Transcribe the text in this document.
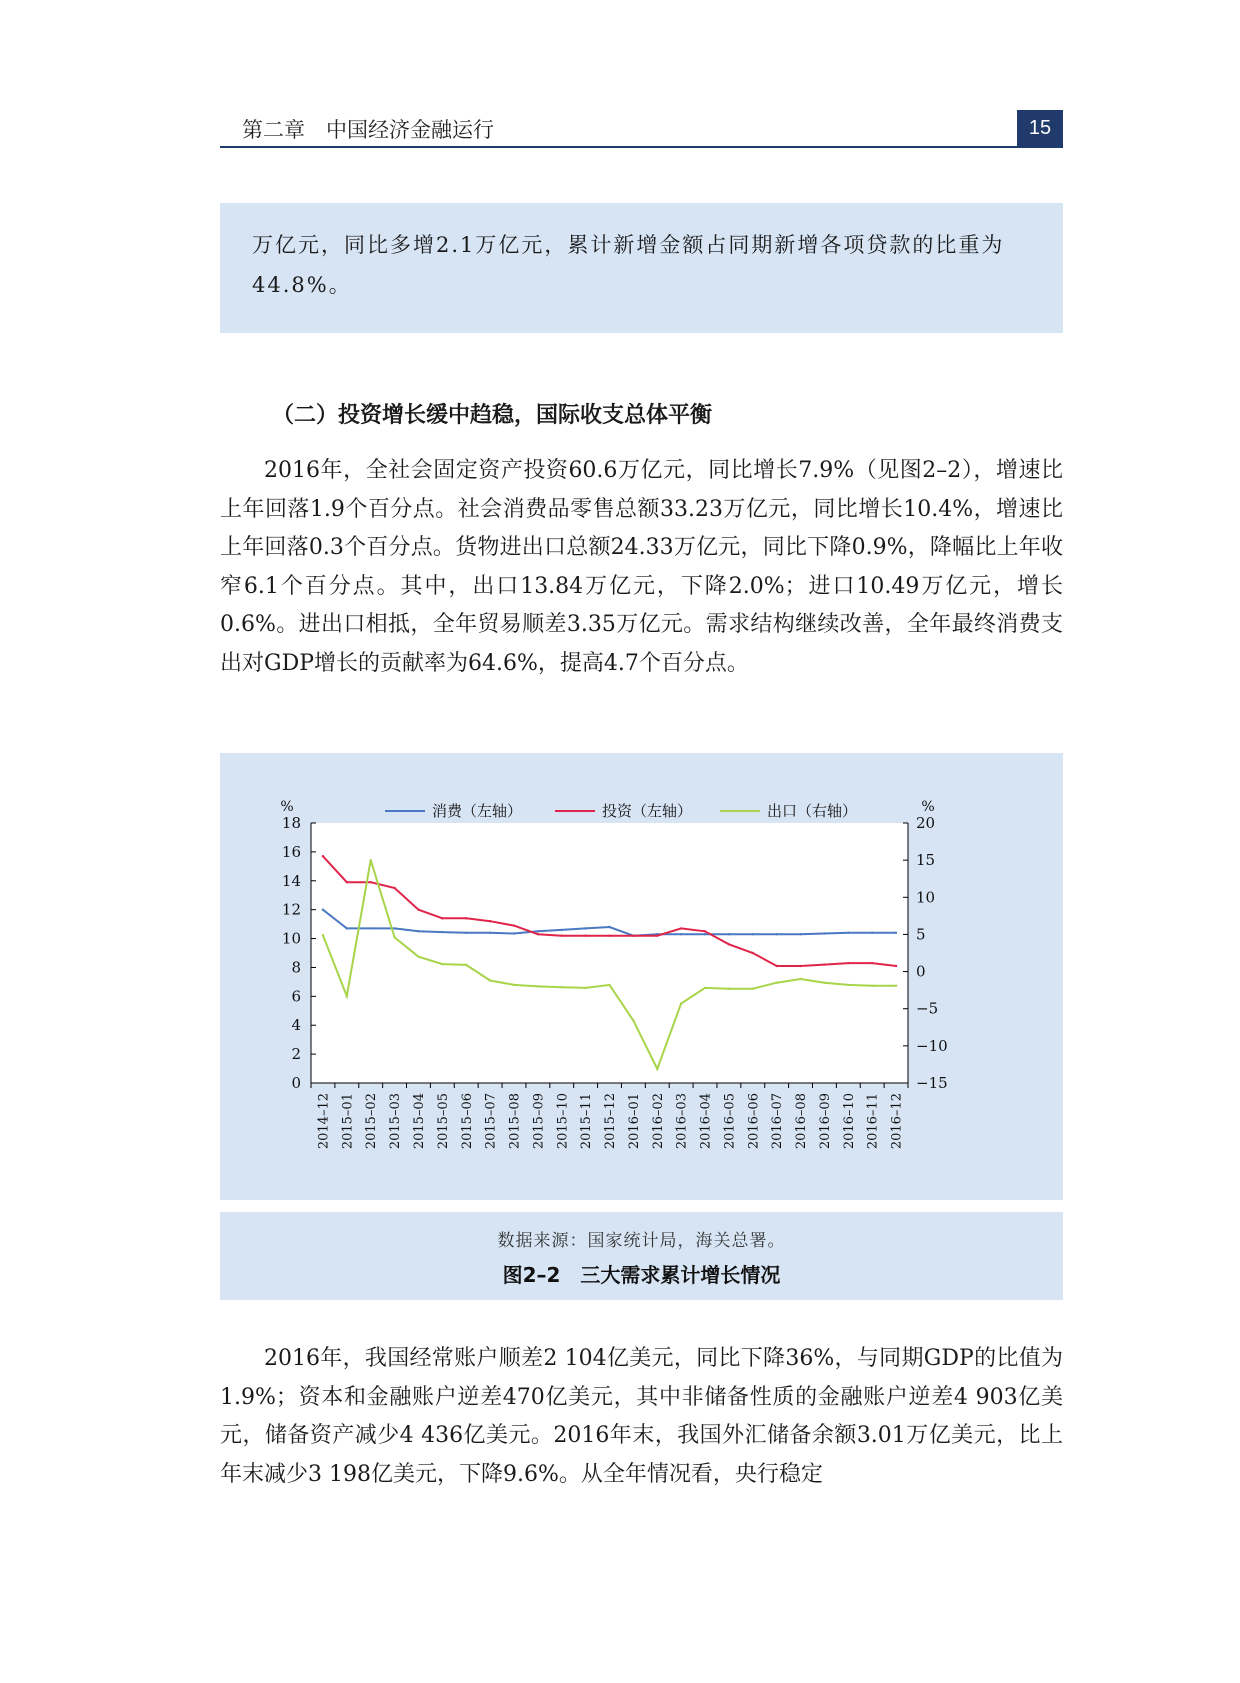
第二章　中国经济金融运行	15

万亿元，同比多增2.1万亿元，累计新增金额占同期新增各项贷款的比重为44.8%。

（二）投资增长缓中趋稳，国际收支总体平衡

2016年，全社会固定资产投资60.6万亿元，同比增长7.9%（见图2–2），增速比上年回落1.9个百分点。社会消费品零售总额33.23万亿元，同比增长10.4%，增速比上年回落0.3个百分点。货物进出口总额24.33万亿元，同比下降0.9%，降幅比上年收窄6.1个百分点。其中，出口13.84万亿元，下降2.0%；进口10.49万亿元，增长0.6%。进出口相抵，全年贸易顺差3.35万亿元。需求结构继续改善，全年最终消费支出对GDP增长的贡献率为64.6%，提高4.7个百分点。

0
2
4
6
8
10
12
14
16
18
%
−15
−10
−5
0
5
10
15
20
%
2014–12 2015–01 2015–02 2015–03 2015–04 2015–05 2015–06 2015–07 2015–08 2015–09 2015–10 2015–11 2015–12 2016–01 2016–02 2016–03 2016–04 2016–05 2016–06 2016–07 2016–08 2016–09 2016–10 2016–11 2016–12
消费（左轴）	投资（左轴）	出口（右轴）
数据来源：国家统计局，海关总署。
图2–2　三大需求累计增长情况

2016年，我国经常账户顺差2 104亿美元，同比下降36%，与同期GDP的比值为1.9%；资本和金融账户逆差470亿美元，其中非储备性质的金融账户逆差4 903亿美元，储备资产减少4 436亿美元。2016年末，我国外汇储备余额3.01万亿美元，比上年末减少3 198亿美元，下降9.6%。从全年情况看，央行稳定
